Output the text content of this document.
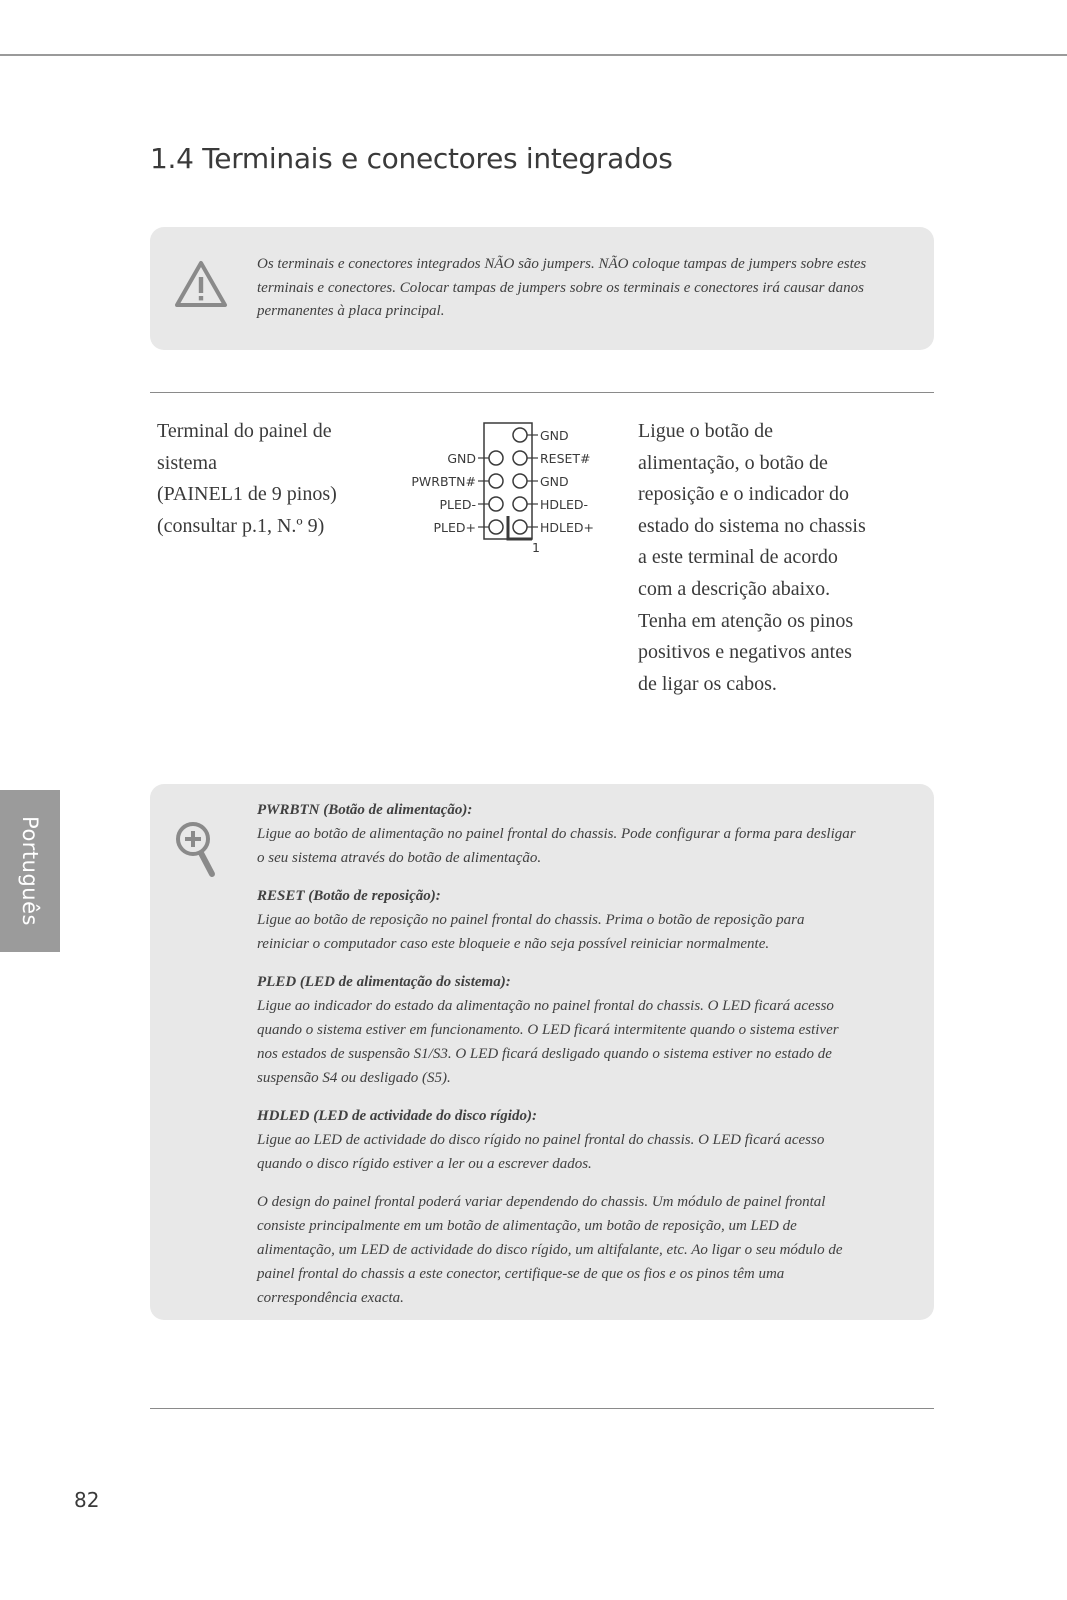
1.4 Terminais e conectores integrados

Os terminais e conectores integrados NÃO são jumpers. NÃO coloque tampas de jumpers sobre estes terminais e conectores. Colocar tampas de jumpers sobre os terminais e conectores irá causar danos permanentes à placa principal.

Terminal do painel de
sistema
(PAINEL1 de 9 pinos)
(consultar p.1, N.º 9)
GND
RESET#
GND
HDLED-
HDLED+
GND
PWRBTN#
PLED-
PLED+
1

Ligue o botão de alimentação, o botão de reposição e o indicador do estado do sistema no chassis a este terminal de acordo com a descrição abaixo. Tenha em atenção os pinos positivos e negativos antes de ligar os cabos.

PWRBTN (Botão de alimentação):

Ligue ao botão de alimentação no painel frontal do chassis. Pode configurar a forma para desligar o seu sistema através do botão de alimentação.

RESET (Botão de reposição):

Ligue ao botão de reposição no painel frontal do chassis. Prima o botão de reposição para reiniciar o computador caso este bloqueie e não seja possível reiniciar normalmente.

PLED (LED de alimentação do sistema):

Ligue ao indicador do estado da alimentação no painel frontal do chassis. O LED ficará acesso quando o sistema estiver em funcionamento. O LED ficará intermitente quando o sistema estiver nos estados de suspensão S1/S3. O LED ficará desligado quando o sistema estiver no estado de suspensão S4 ou desligado (S5).

HDLED (LED de actividade do disco rígido):

Ligue ao LED de actividade do disco rígido no painel frontal do chassis. O LED ficará acesso quando o disco rígido estiver a ler ou a escrever dados.

O design do painel frontal poderá variar dependendo do chassis. Um módulo de painel frontal consiste principalmente em um botão de alimentação, um botão de reposição, um LED de alimentação, um LED de actividade do disco rígido, um altifalante, etc. Ao ligar o seu módulo de painel frontal do chassis a este conector, certifique-se de que os fios e os pinos têm uma correspondência exacta.

Português
82
